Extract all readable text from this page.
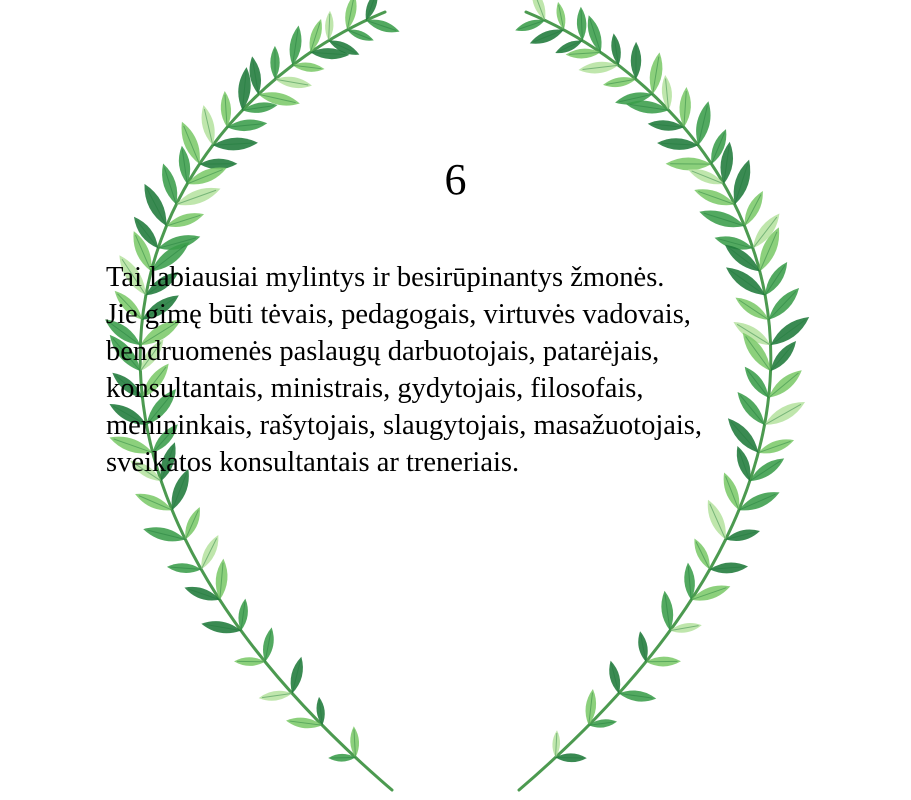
6

Tai labiausiai mylintys ir besirūpinantys žmonės.
Jie gimę būti tėvais, pedagogais, virtuvės vadovais,
bendruomenės paslaugų darbuotojais, patarėjais,
konsultantais, ministrais, gydytojais, filosofais,
menininkais, rašytojais, slaugytojais, masažuotojais,
sveikatos konsultantais ar treneriais.
